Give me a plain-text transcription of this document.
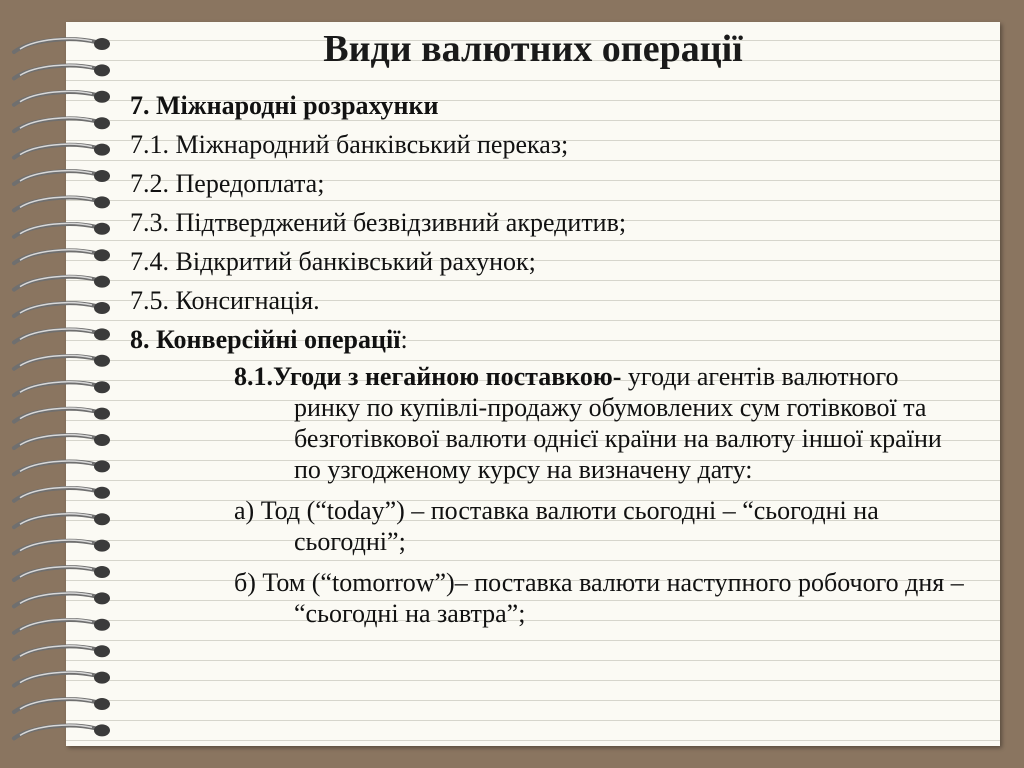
Види валютних операції
7. Міжнародні розрахунки
7.1. Міжнародний банківський переказ;
7.2. Передоплата;
7.3. Підтверджений безвідзивний акредитив;
7.4. Відкритий банківський рахунок;
7.5. Консигнація.
8. Конверсійні операції:
8.1.Угоди з негайною поставкою- угоди агентів валютного ринку по купівлі-продажу обумовлених сум готівкової та безготівкової валюти однієї країни на валюту іншої країни по узгодженому курсу на визначену дату:
а) Тод (“today”) – поставка валюти сьогодні – “сьогодні на сьогодні”;
б) Том (“tomorrow”)– поставка валюти наступного робочого дня – “сьогодні на завтра”;
